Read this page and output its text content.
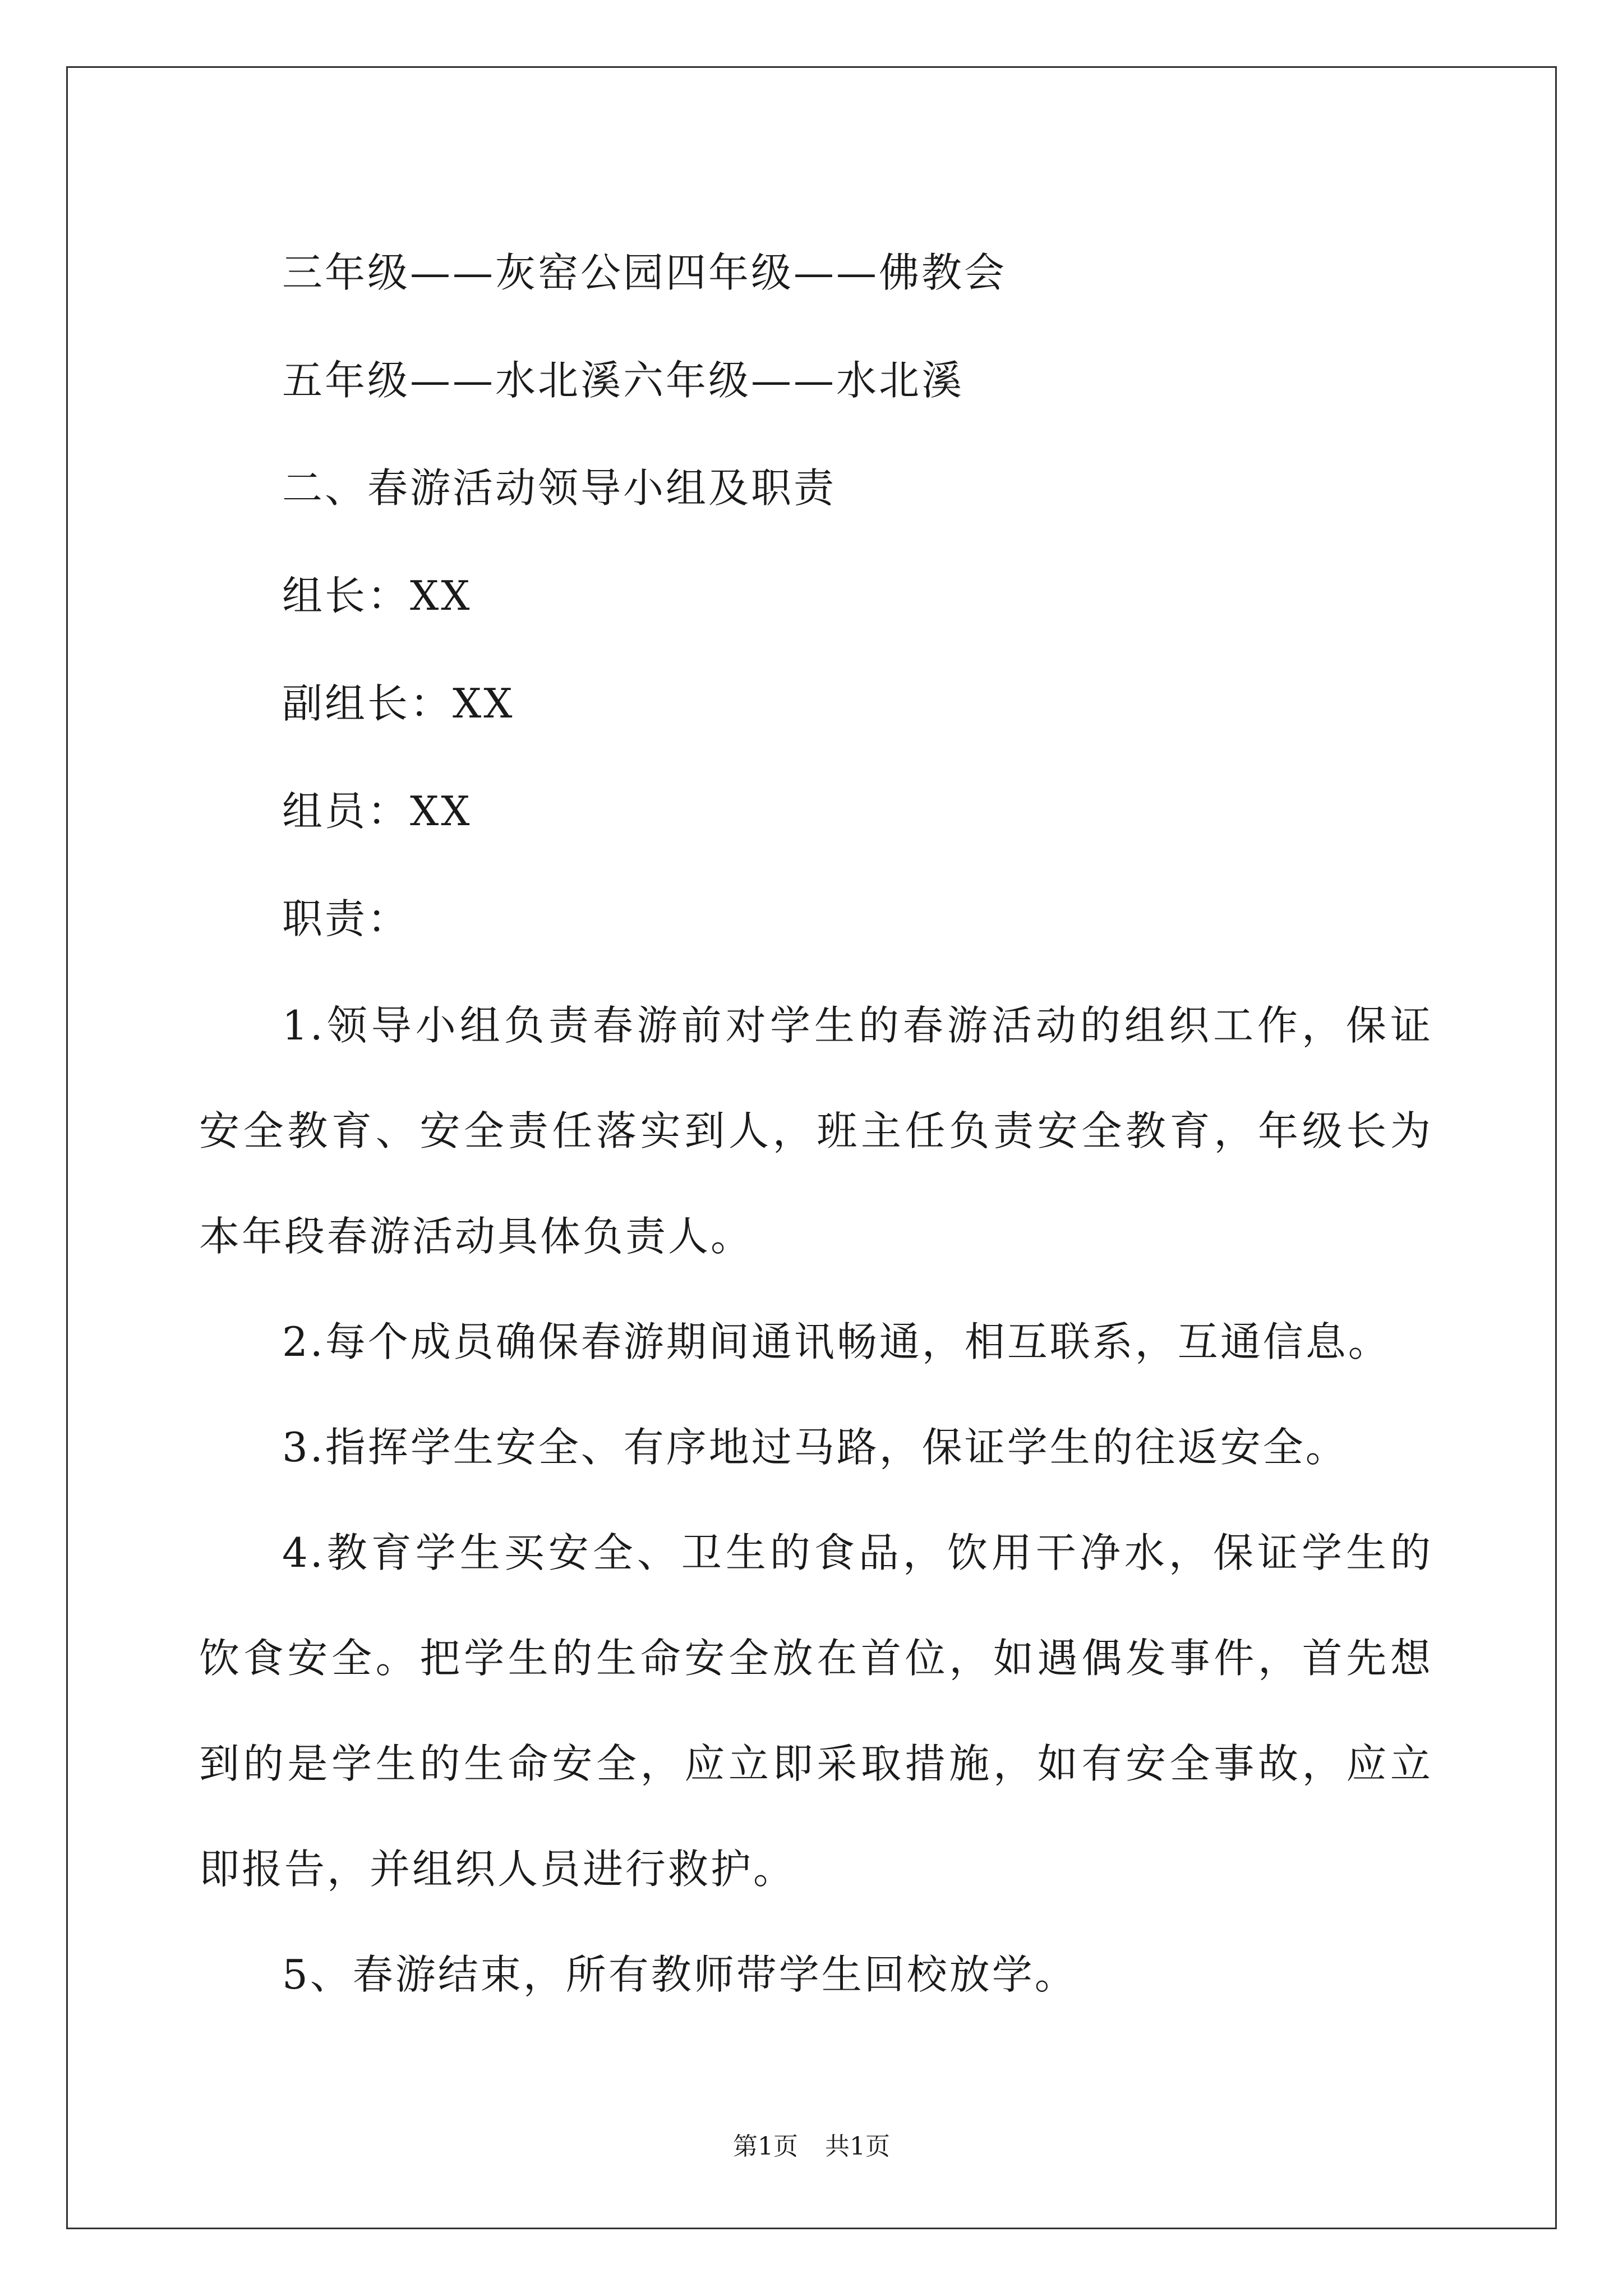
三年级——灰窑公园四年级——佛教会
五年级——水北溪六年级——水北溪
二、春游活动领导小组及职责
组长：XX
副组长：XX
组员：XX
职责：
1.领导小组负责春游前对学生的春游活动的组织工作，保证安全教育、安全责任落实到人，班主任负责安全教育，年级长为本年段春游活动具体负责人。
2.每个成员确保春游期间通讯畅通，相互联系，互通信息。
3.指挥学生安全、有序地过马路，保证学生的往返安全。
4.教育学生买安全、卫生的食品，饮用干净水，保证学生的饮食安全。把学生的生命安全放在首位，如遇偶发事件，首先想到的是学生的生命安全，应立即采取措施，如有安全事故，应立即报告，并组织人员进行救护。
5、春游结束，所有教师带学生回校放学。
第1页 共1页
